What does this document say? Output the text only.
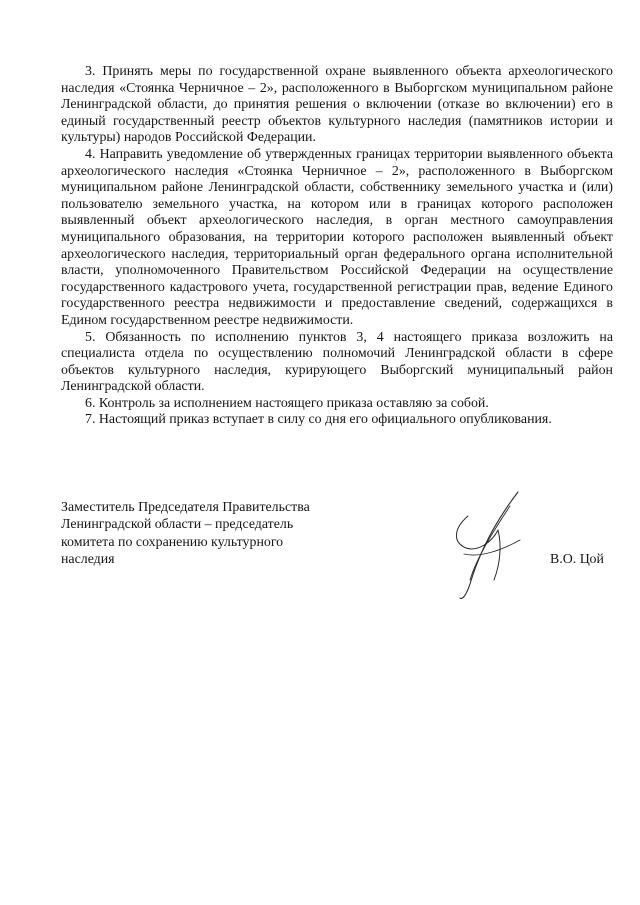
3. Принять меры по государственной охране выявленного объекта археологического наследия «Стоянка Черничное – 2», расположенного в Выборгском муниципальном районе Ленинградской области, до принятия решения о включении (отказе во включении) его в единый государственный реестр объектов культурного наследия (памятников истории и культуры) народов Российской Федерации.

4. Направить уведомление об утвержденных границах территории выявленного объекта археологического наследия «Стоянка Черничное – 2», расположенного в Выборгском муниципальном районе Ленинградской области, собственнику земельного участка и (или) пользователю земельного участка, на котором или в границах которого расположен выявленный объект археологического наследия, в орган местного самоуправления муниципального образования, на территории которого расположен выявленный объект археологического наследия, территориальный орган федерального органа исполнительной власти, уполномоченного Правительством Российской Федерации на осуществление государственного кадастрового учета, государственной регистрации прав, ведение Единого государственного реестра недвижимости и предоставление сведений, содержащихся в Едином государственном реестре недвижимости.

5. Обязанность по исполнению пунктов 3, 4 настоящего приказа возложить на специалиста отдела по осуществлению полномочий Ленинградской области в сфере объектов культурного наследия, курирующего Выборгский муниципальный район Ленинградской области.

6. Контроль за исполнением настоящего приказа оставляю за собой.

7. Настоящий приказ вступает в силу со дня его официального опубликования.

Заместитель Председателя Правительства
Ленинградской области – председатель
комитета по сохранению культурного
наследия	В.О. Цой
